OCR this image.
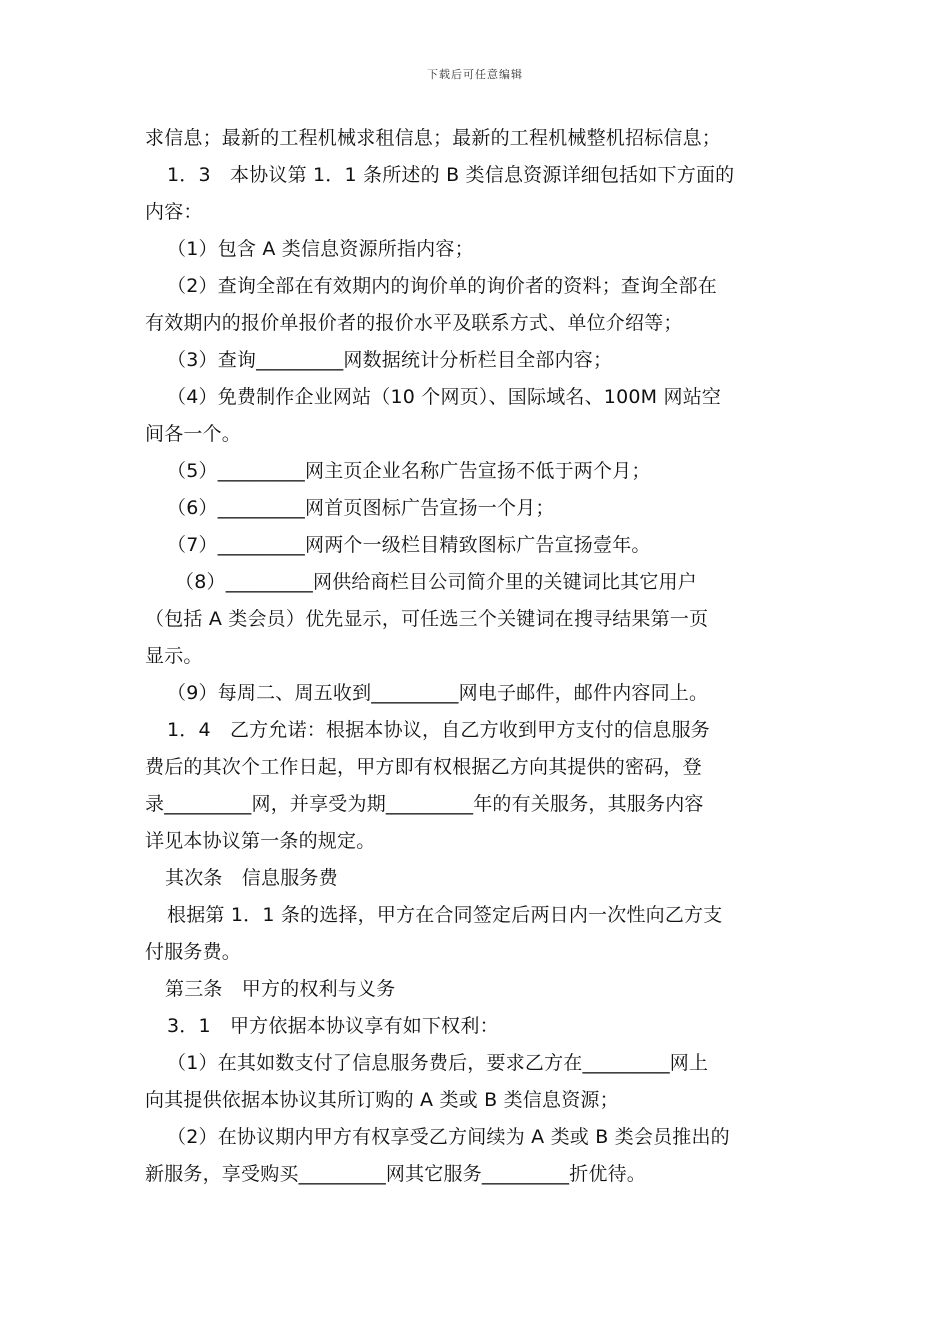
下载后可任意编辑
求信息；最新的工程机械求租信息；最新的工程机械整机招标信息；
1．3　本协议第 1．1 条所述的 B 类信息资源详细包括如下方面的
内容：
（1）包含 A 类信息资源所指内容；
（2）查询全部在有效期内的询价单的询价者的资料；查询全部在
有效期内的报价单报价者的报价水平及联系方式、单位介绍等；
（3）查询_________网数据统计分析栏目全部内容；
（4）免费制作企业网站（10 个网页）、国际域名、100M 网站空
间各一个。
（5）_________网主页企业名称广告宣扬不低于两个月；
（6）_________网首页图标广告宣扬一个月；
（7）_________网两个一级栏目精致图标广告宣扬壹年。
（8）_________网供给商栏目公司简介里的关键词比其它用户
（包括 A 类会员）优先显示，可任选三个关键词在搜寻结果第一页
显示。
（9）每周二、周五收到_________网电子邮件，邮件内容同上。
1．4　乙方允诺：根据本协议，自乙方收到甲方支付的信息服务
费后的其次个工作日起，甲方即有权根据乙方向其提供的密码，登
录_________网，并享受为期_________年的有关服务，其服务内容
详见本协议第一条的规定。
其次条　信息服务费
根据第 1．1 条的选择，甲方在合同签定后两日内一次性向乙方支
付服务费。
第三条　甲方的权利与义务
3．1　甲方依据本协议享有如下权利：
（1）在其如数支付了信息服务费后，要求乙方在_________网上
向其提供依据本协议其所订购的 A 类或 B 类信息资源；
（2）在协议期内甲方有权享受乙方间续为 A 类或 B 类会员推出的
新服务，享受购买_________网其它服务_________折优待。
